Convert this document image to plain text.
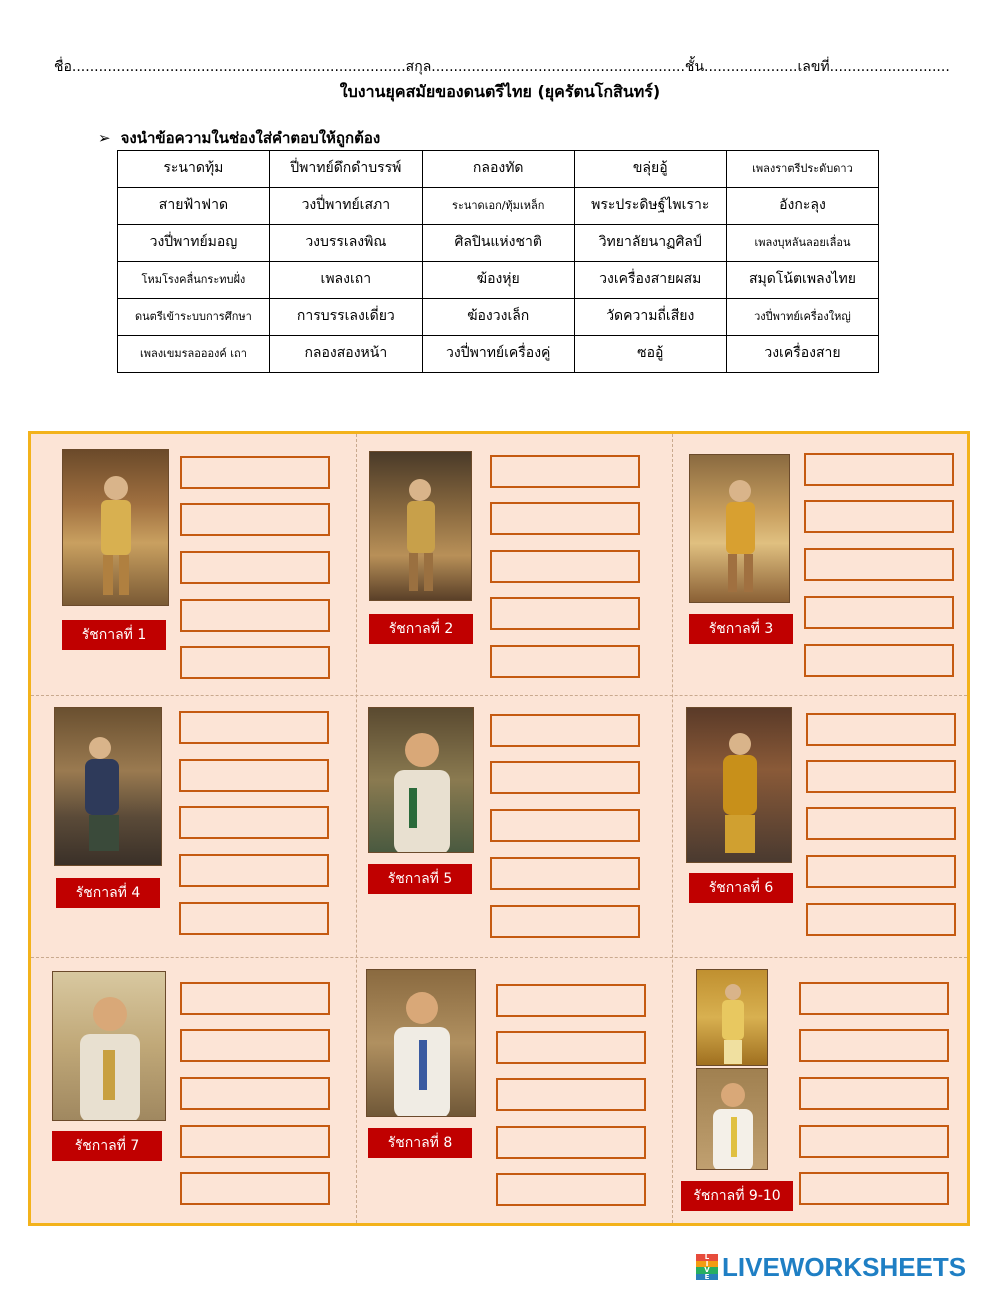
ชื่อ...........................................................................สกุล.........................................................ชั้น.....................เลขที่...........................
ใบงานยุคสมัยของดนตรีไทย (ยุครัตนโกสินทร์)
➢ จงนำข้อความในช่องใส่คำตอบให้ถูกต้อง
ระนาดทุ้ม	ปี่พาทย์ดึกดำบรรพ์	กลองทัด	ขลุ่ยอู้	เพลงราตรีประดับดาว
สายฟ้าฟาด	วงปี่พาทย์เสภา	ระนาดเอก/ทุ้มเหล็ก	พระประดิษฐ์ไพเราะ	อังกะลุง
วงปี่พาทย์มอญ	วงบรรเลงพิณ	ศิลปินแห่งชาติ	วิทยาลัยนาฏศิลป์	เพลงบุหลันลอยเลื่อน
โหมโรงคลื่นกระทบฝั่ง	เพลงเถา	ฆ้องหุ่ย	วงเครื่องสายผสม	สมุดโน้ตเพลงไทย
ดนตรีเข้าระบบการศึกษา	การบรรเลงเดี่ยว	ฆ้องวงเล็ก	วัดความถี่เสียง	วงปี่พาทย์เครื่องใหญ่
เพลงเขมรลออองค์ เถา	กลองสองหน้า	วงปี่พาทย์เครื่องคู่	ซออู้	วงเครื่องสาย
รัชกาลที่ 1	รัชกาลที่ 2	รัชกาลที่ 3
รัชกาลที่ 4
รัชกาลที่ 5
รัชกาลที่ 6
รัชกาลที่ 7	รัชกาลที่ 8
รัชกาลที่ 9-10
L
I
V
E LIVEWORKSHEETS
